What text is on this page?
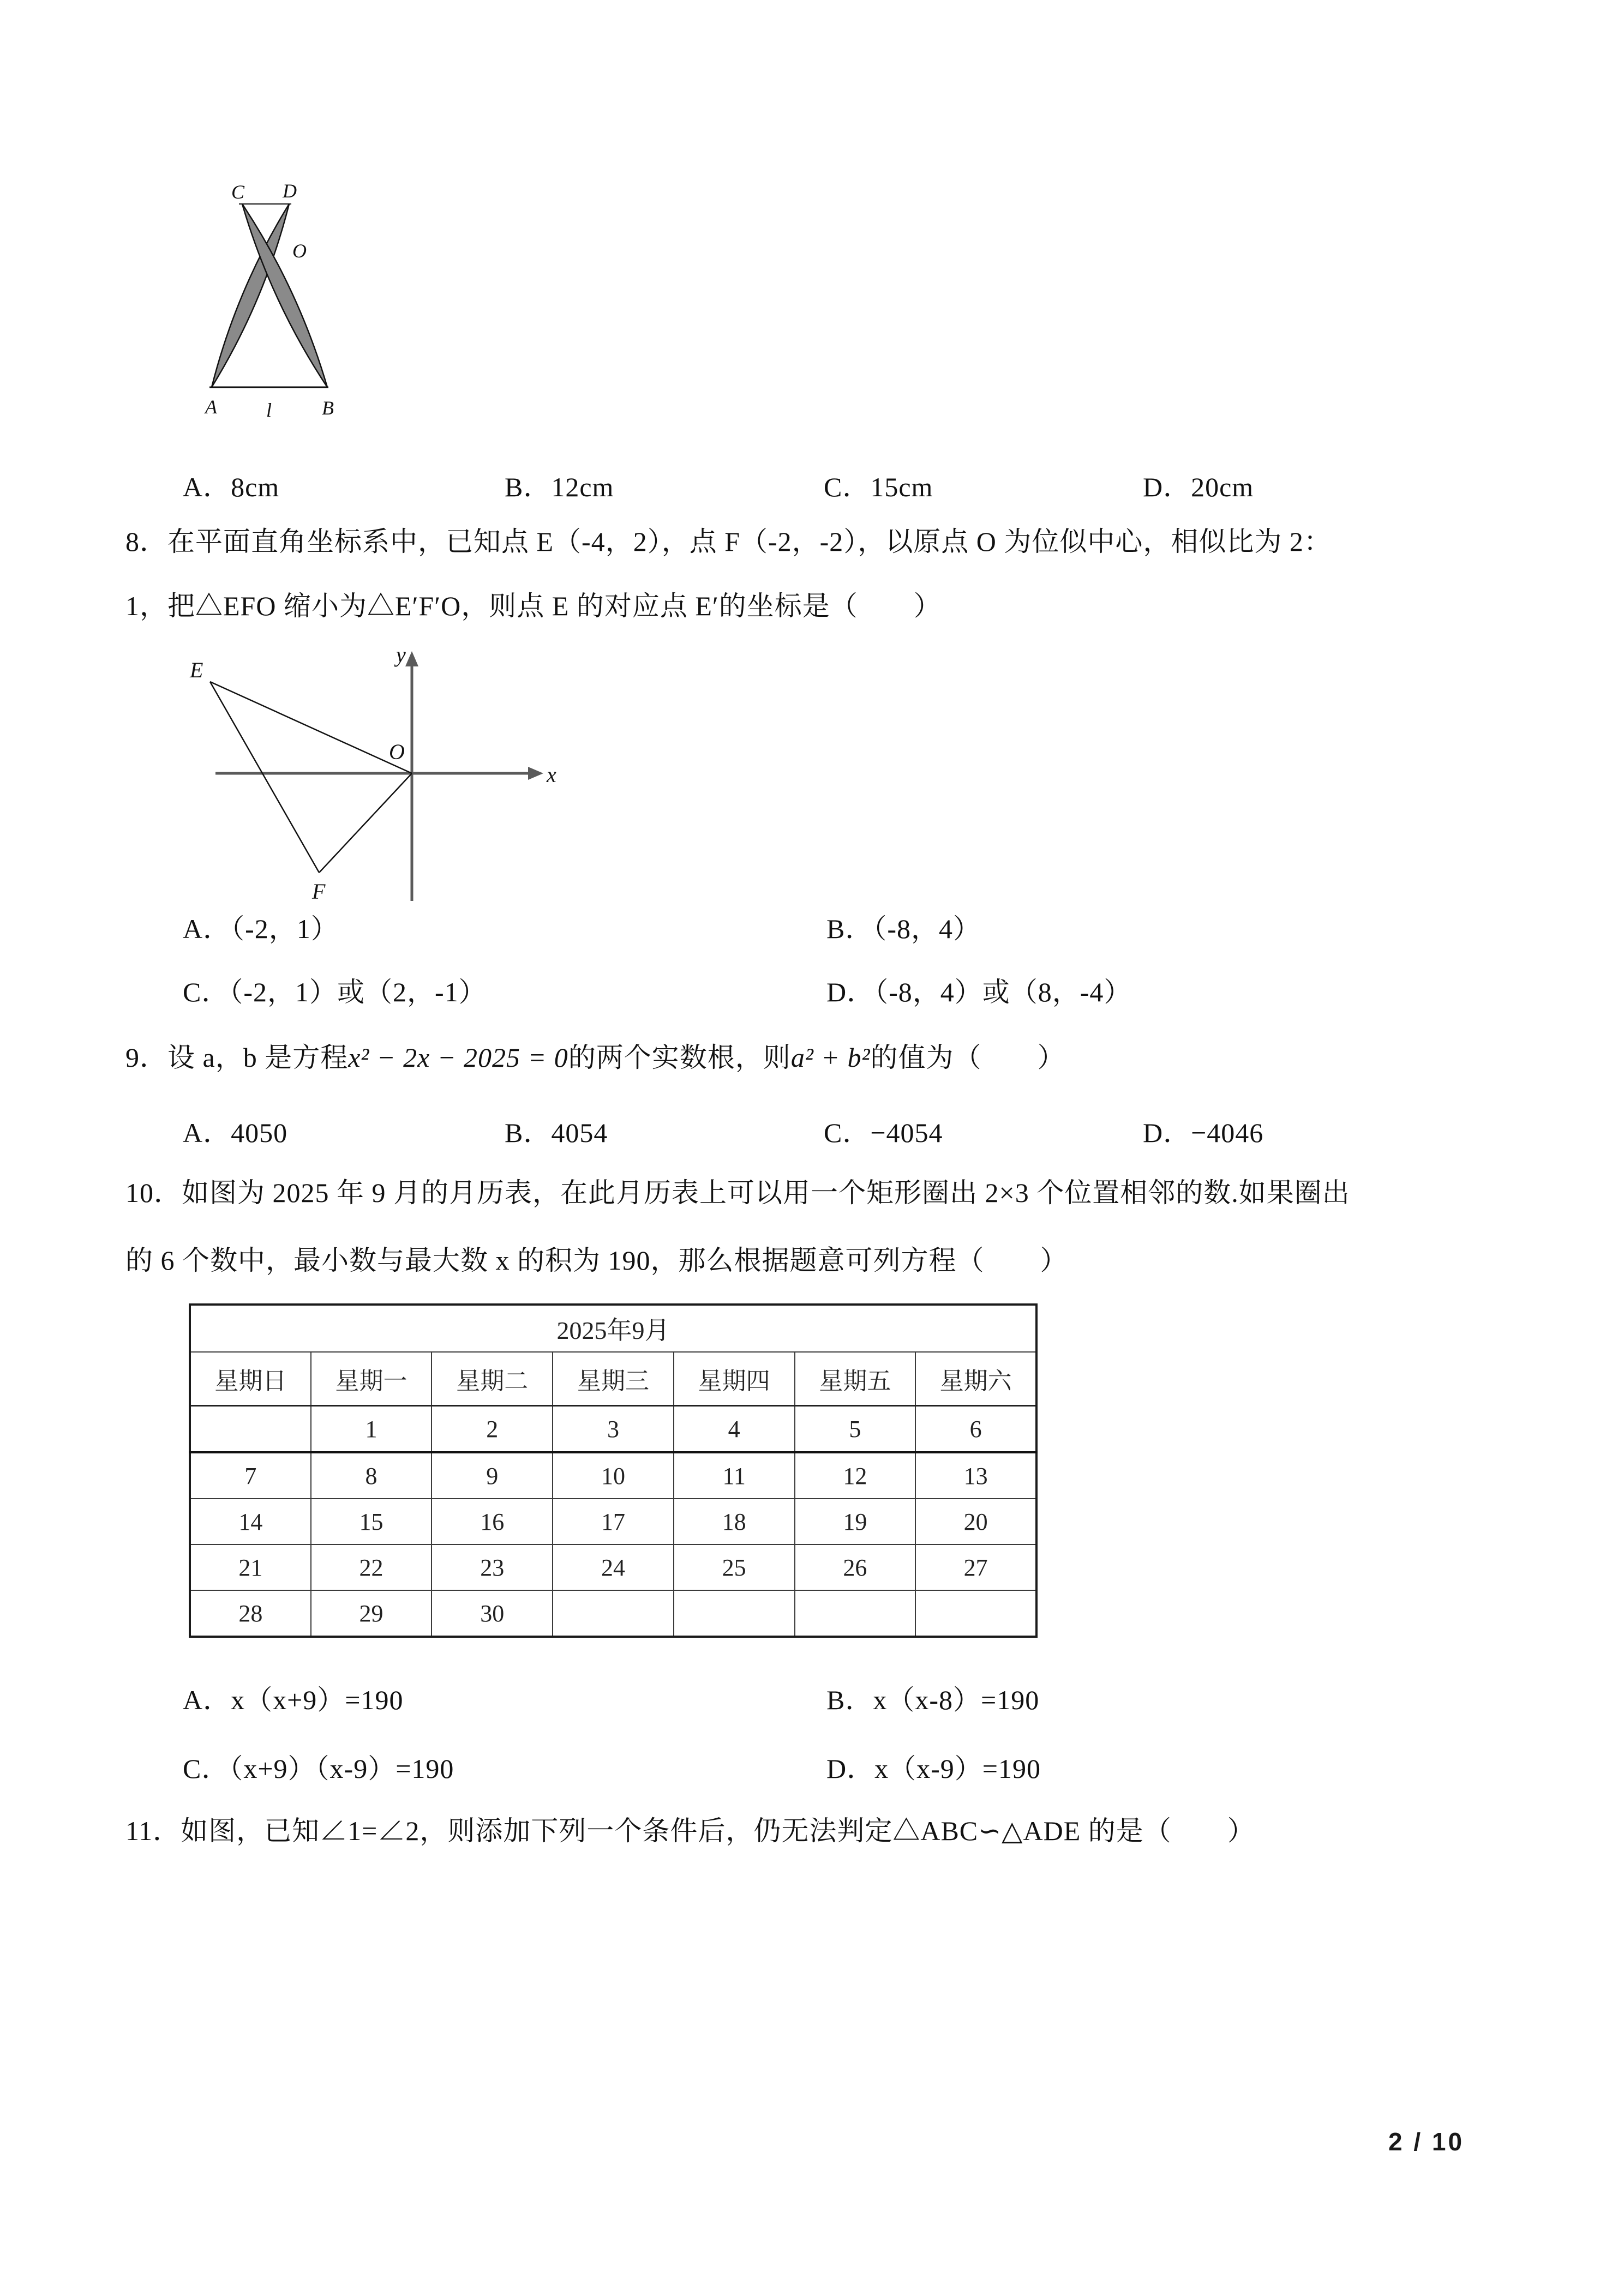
C D
O
A	l	B
A．8cm	B．12cm	C．15cm	D．20cm
8．在平面直角坐标系中，已知点 E（-4，2），点 F（-2，-2），以原点 O 为位似中心，相似比为 2：
1，把△EFO 缩小为△E′F′O，则点 E 的对应点 E′的坐标是（　　）
E
y
O
x
F
A．（-2，1）	B．（-8，4）
C．（-2，1）或（2，-1）	D．（-8，4）或（8，-4）
9．设 a，b 是方程x² − 2x − 2025 = 0的两个实数根，则a² + b²的值为（　　）
A．4050	B．4054	C．−4054	D．−4046
10．如图为 2025 年 9 月的月历表，在此月历表上可以用一个矩形圈出 2×3 个位置相邻的数.如果圈出
的 6 个数中，最小数与最大数 x 的积为 190，那么根据题意可列方程（　　）
2025年9月						
星期日	星期一	星期二	星期三	星期四	星期五	星期六
	1	2	3	4	5	6
7	8	9	10	11	12	13
14	15	16	17	18	19	20
21	22	23	24	25	26	27
28	29	30				
A．x（x+9）=190	B．x（x-8）=190
C．（x+9）（x-9）=190	D．x（x-9）=190
11．如图，已知∠1=∠2，则添加下列一个条件后，仍无法判定△ABC∽△ADE 的是（　　）
2 / 10
